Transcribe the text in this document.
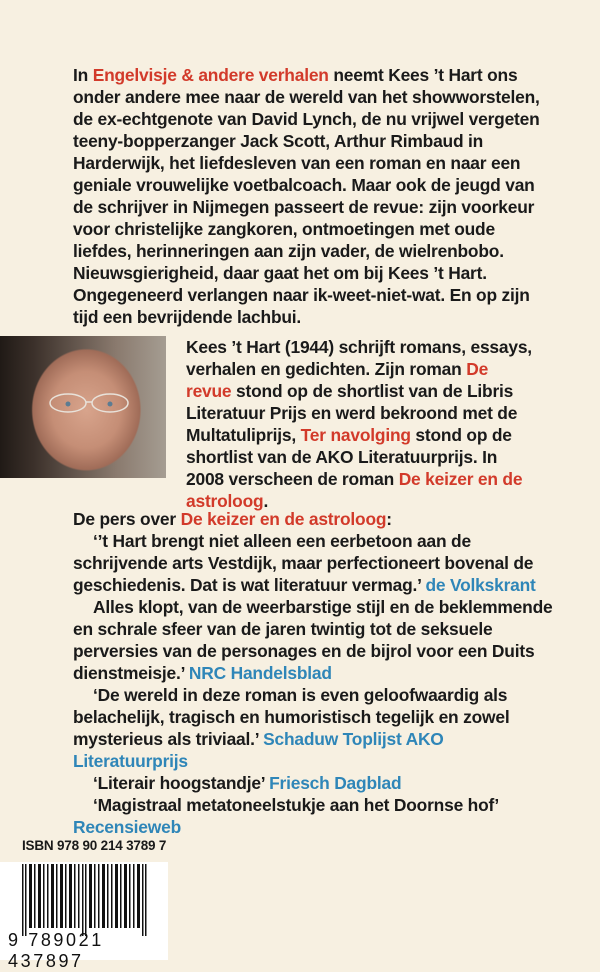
In Engelvisje & andere verhalen neemt Kees ’t Hart ons onder andere mee naar de wereld van het showworstelen, de ex-echtgenote van David Lynch, de nu vrijwel vergeten teeny-bopperzanger Jack Scott, Arthur Rimbaud in Harderwijk, het liefdesleven van een roman en naar een geniale vrouwelijke voetbalcoach. Maar ook de jeugd van de schrijver in Nijmegen passeert de revue: zijn voorkeur voor christelijke zangkoren, ontmoetingen met oude liefdes, herinneringen aan zijn vader, de wielrenbobo. Nieuwsgierigheid, daar gaat het om bij Kees ’t Hart. Ongegeneerd verlangen naar ik-weet-niet-wat. En op zijn tijd een bevrijdende lachbui.
Kees ’t Hart (1944) schrijft romans, essays, verhalen en gedichten. Zijn roman De revue stond op de shortlist van de Libris Literatuur Prijs en werd bekroond met de Multatuliprijs, Ter navolging stond op de shortlist van de AKO Literatuurprijs. In 2008 verscheen de roman De keizer en de astroloog.

De pers over De keizer en de astroloog:

‘’t Hart brengt niet alleen een eerbetoon aan de schrijvende arts Vestdijk, maar perfectioneert bovenal de geschiedenis. Dat is wat literatuur vermag.’ de Volkskrant

Alles klopt, van de weerbarstige stijl en de beklemmende en schrale sfeer van de jaren twintig tot de seksuele perversies van de personages en de bijrol voor een Duits dienstmeisje.’ NRC Handelsblad

‘De wereld in deze roman is even geloofwaardig als belachelijk, tragisch en humoristisch tegelijk en zowel mysterieus als triviaal.’ Schaduw Toplijst AKO Literatuurprijs

‘Literair hoogstandje’ Friesch Dagblad

‘Magistraal metatoneelstukje aan het Doornse hof’ Recensieweb

ISBN 978 90 214 3789 7
9 789021 437897
